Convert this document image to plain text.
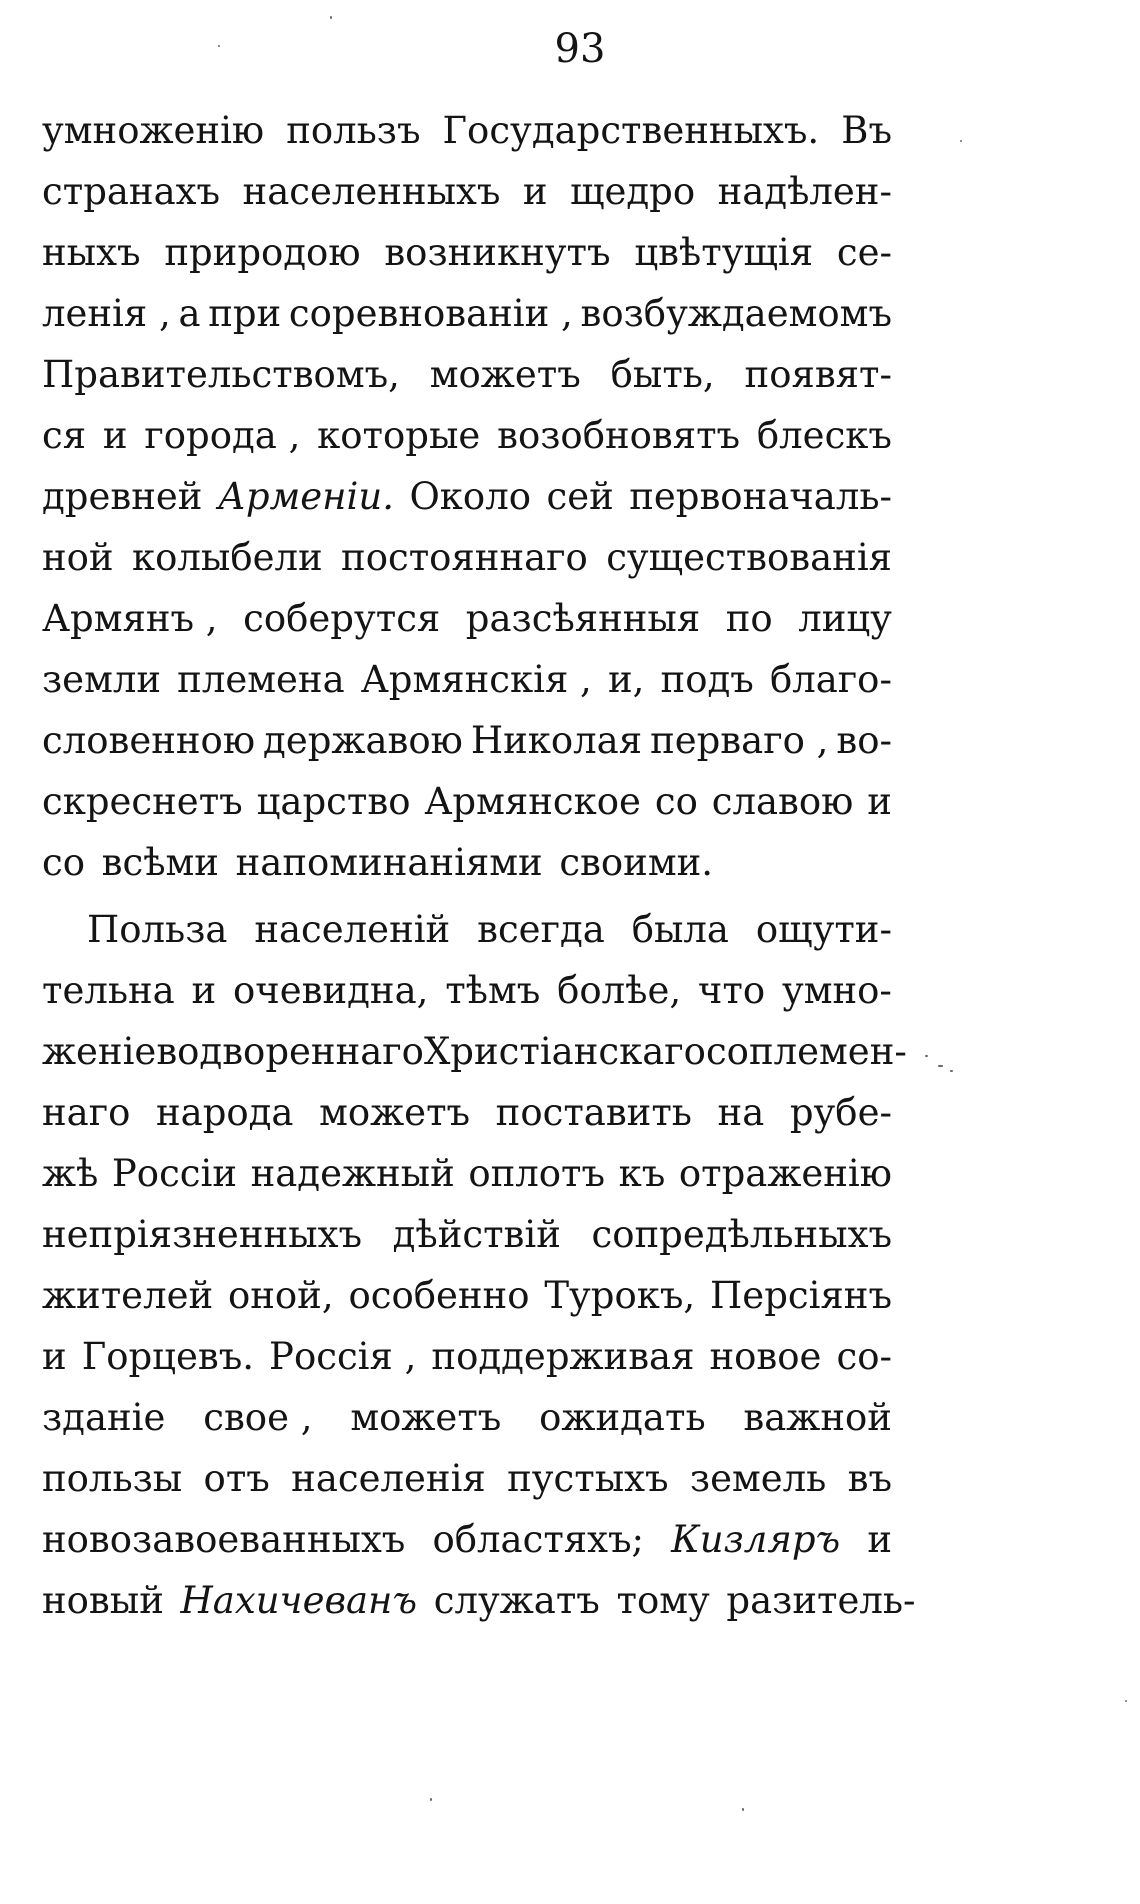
93
умноженію пользъ Государственныхъ. Въ
странахъ населенныхъ и щедро надѣлен-
ныхъ природою возникнутъ цвѣтущія се-
ленія , а при соревнованіи , возбуждаемомъ
Правительствомъ, можетъ быть, появят-
ся и города , которые возобновятъ блескъ
древней Арменіи. Около сей первоначаль-
ной колыбели постояннаго существованія
Армянъ , соберутся разсѣянныя по лицу
земли племена Армянскія , и, подъ благо-
словенною державою Николая перваго , во-
скреснетъ царство Армянское со славою и
со всѣми напоминаніями своими.
Польза населеній всегда была ощути-
тельна и очевидна, тѣмъ болѣе, что умно-
женіе водвореннаго Христіанскаго соплемен-
наго народа можетъ поставить на рубе-
жѣ Россіи надежный оплотъ къ отраженію
непріязненныхъ дѣйствій сопредѣльныхъ
жителей оной, особенно Турокъ, Персіянъ
и Горцевъ. Россія , поддерживая новое со-
зданіе свое , можетъ ожидать важной
пользы отъ населенія пустыхъ земель въ
новозавоеванныхъ областяхъ; Кизляръ и
новый Нахичеванъ служатъ тому разитель-
